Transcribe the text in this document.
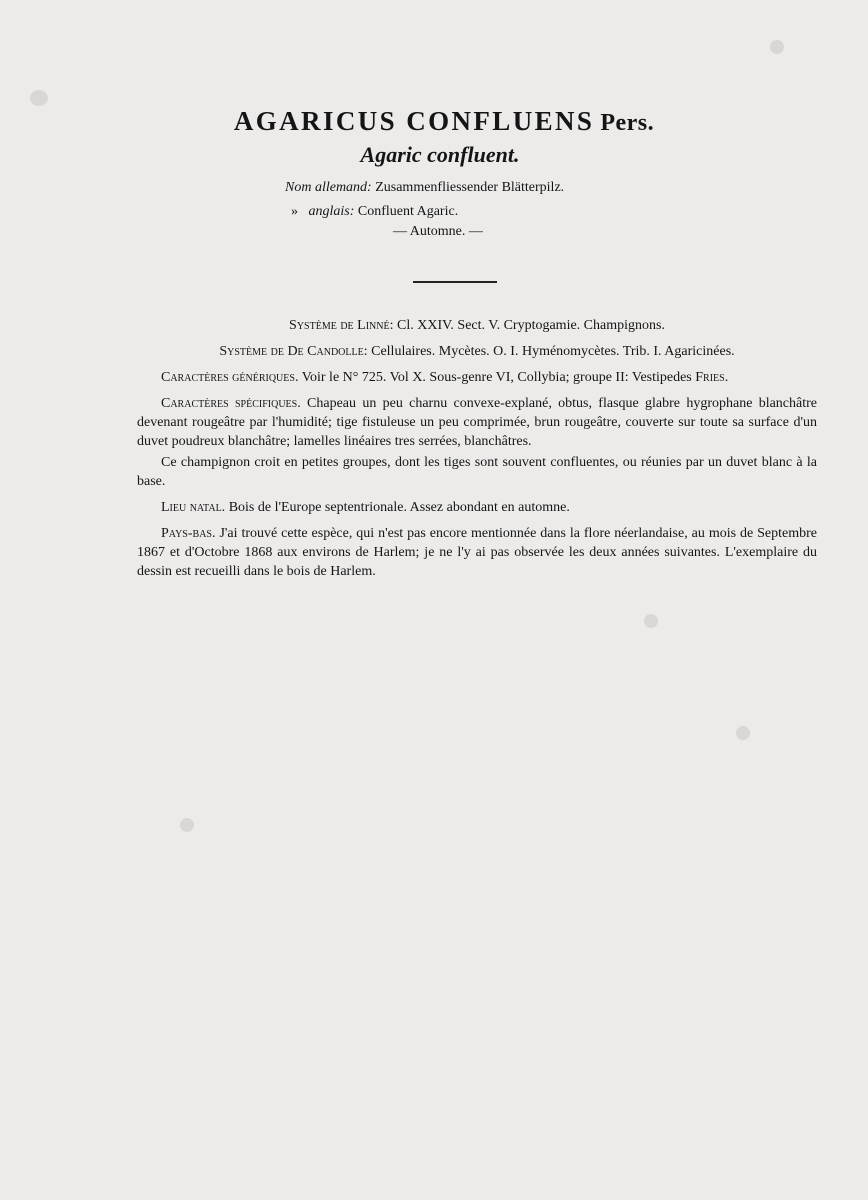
AGARICUS CONFLUENS Pers.
Agaric confluent.
Nom allemand: Zusammenfliessender Blätterpilz.
» anglais: Confluent Agaric.
— Automne. —

Système de Linné: Cl. XXIV. Sect. V. Cryptogamie. Champignons.

Système de De Candolle: Cellulaires. Mycètes. O. I. Hyménomycètes. Trib. I. Agaricinées.

Caractères génériques. Voir le N° 725. Vol X. Sous-genre VI, Collybia; groupe II: Vestipedes Fries.

Caractères spécifiques. Chapeau un peu charnu convexe-explané, obtus, flasque glabre hygrophane blanchâtre devenant rougeâtre par l'humidité; tige fistuleuse un peu comprimée, brun rougeâtre, couverte sur toute sa surface d'un duvet poudreux blanchâtre; lamelles linéaires tres serrées, blanchâtres.

Ce champignon croit en petites groupes, dont les tiges sont souvent confluentes, ou réunies par un duvet blanc à la base.

Lieu natal. Bois de l'Europe septentrionale. Assez abondant en automne.

Pays-bas. J'ai trouvé cette espèce, qui n'est pas encore mentionnée dans la flore néerlandaise, au mois de Septembre 1867 et d'Octobre 1868 aux environs de Harlem; je ne l'y ai pas observée les deux années suivantes. L'exemplaire du dessin est recueilli dans le bois de Harlem.
